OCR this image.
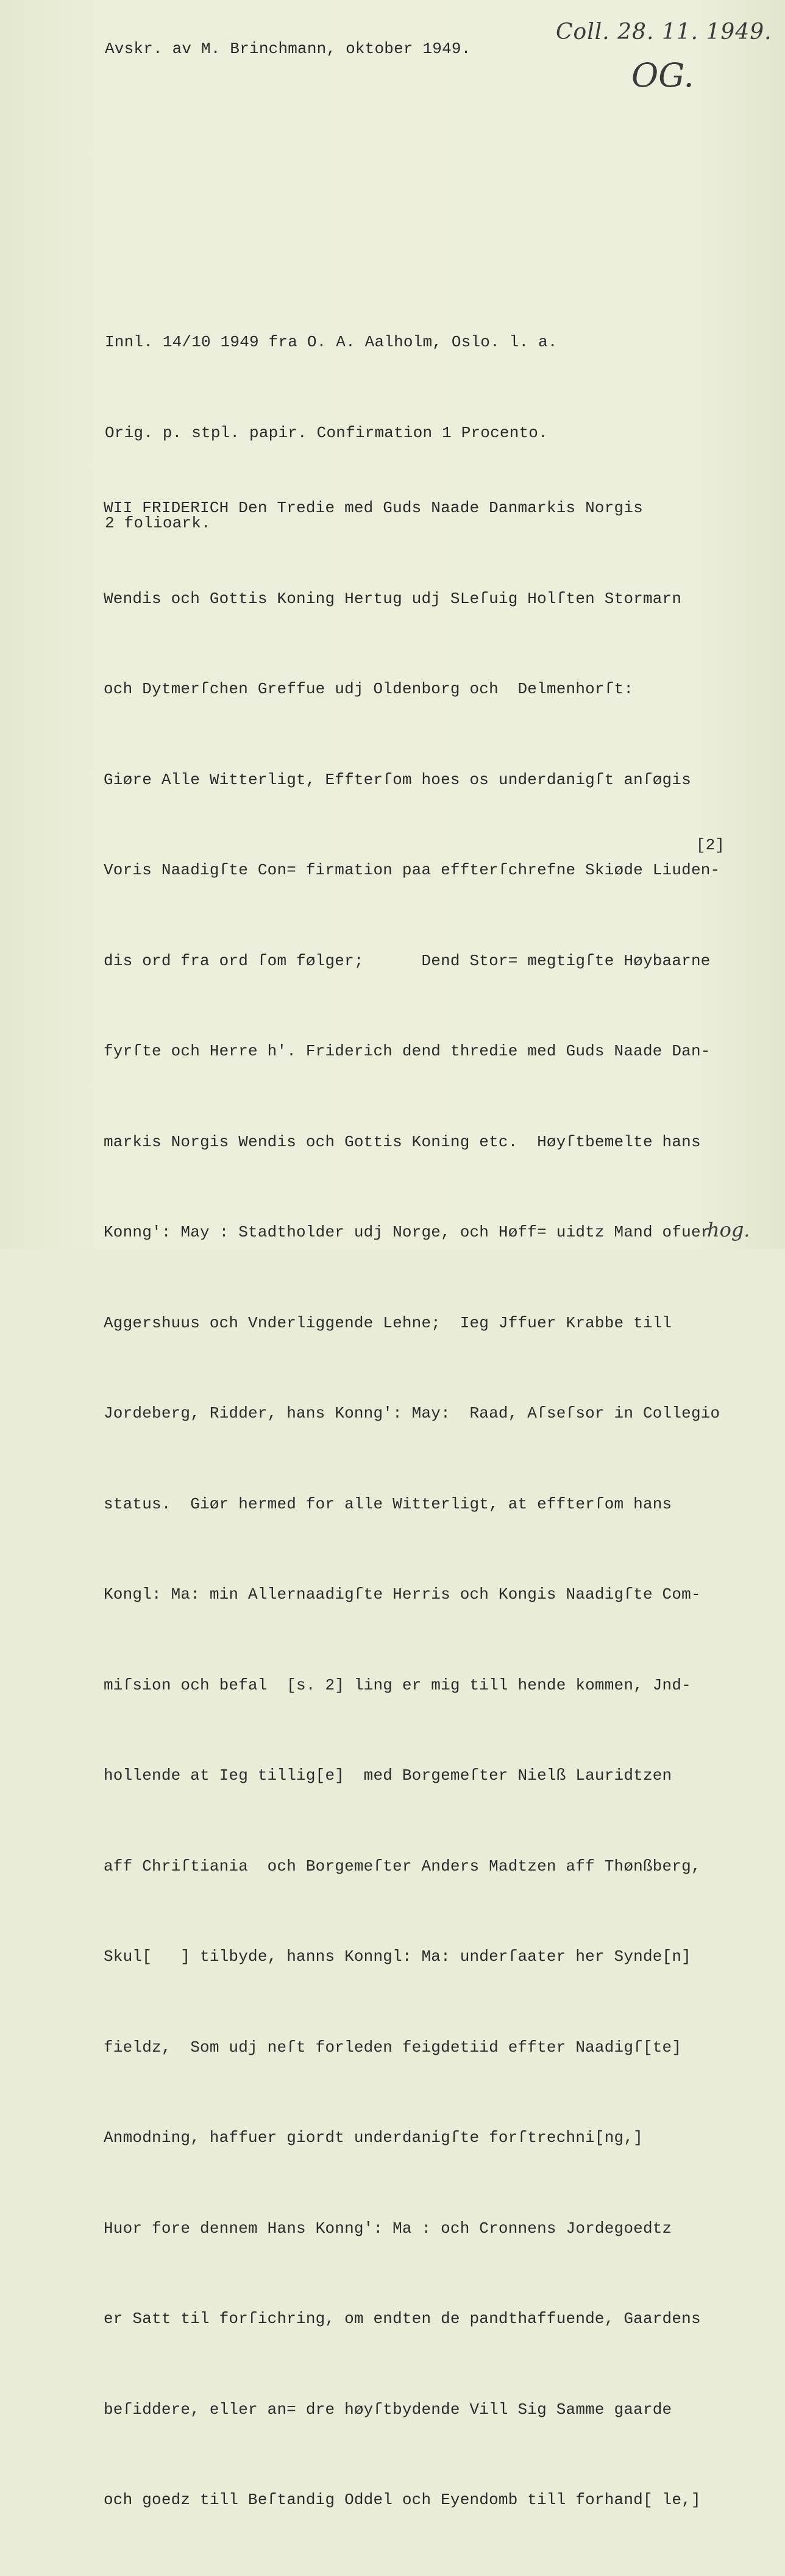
Avskr. av M. Brinchmann, oktober 1949.
Coll. 28. 11. 1949.
OG.

Innl. 14/10 1949 fra O. A. Aalholm, Oslo. l. a.

Orig. p. stpl. papir. Confirmation 1 Procento.

2 folioark.

WII FRIDERICH Den Tredie med Guds Naade Danmarkis Norgis

Wendis och Gottis Koning Hertug udj SLeſuig Holſten Stormarn

och Dytmerſchen Greffue udj Oldenborg och  Delmenhorſt:

Giøre Alle Witterligt, Effterſom hoes os underdanigſt anſøgis

Voris Naadigſte Con= firmation paa effterſchrefne Skiøde Liuden-

dis ord fra ord ſom følger;      Dend Stor= megtigſte Høybaarne

fyrſte och Herre h'. Friderich dend thredie med Guds Naade Dan-

markis Norgis Wendis och Gottis Koning etc.  Høyſtbemelte hans

Konng': May : Stadtholder udj Norge, och Høff= uidtz Mand ofuer

Aggershuus och Vnderliggende Lehne;  Ieg Jffuer Krabbe till

Jordeberg, Ridder, hans Konng': May:  Raad, Aſseſsor in Collegio

status.  Giør hermed for alle Witterligt, at effterſom hans

Kongl: Ma: min Allernaadigſte Herris och Kongis Naadigſte Com-

miſsion och befal  [s. 2] ling er mig till hende kommen, Jnd-

hollende at Ieg tillig[e]  med Borgemeſter Nielß Lauridtzen

aff Chriſtiania  och Borgemeſter Anders Madtzen aff Thønßberg,

Skul[   ] tilbyde, hanns Konngl: Ma: underſaater her Synde[n]

fieldz,  Som udj neſt forleden feigdetiid effter Naadigſ[te]

Anmodning, haffuer giordt underdanigſte forſtrechni[ng,]

Huor fore dennem Hans Konng': Ma : och Cronnens Jordegoedtz

er Satt til forſichring, om endten de pandthaffuende, Gaardens

beſiddere, eller an= dre høyſtbydende Vill Sig Samme gaarde

och goedz till Beſtandig Oddel och Eyendomb till forhand[ le,]

[2]
hog.
